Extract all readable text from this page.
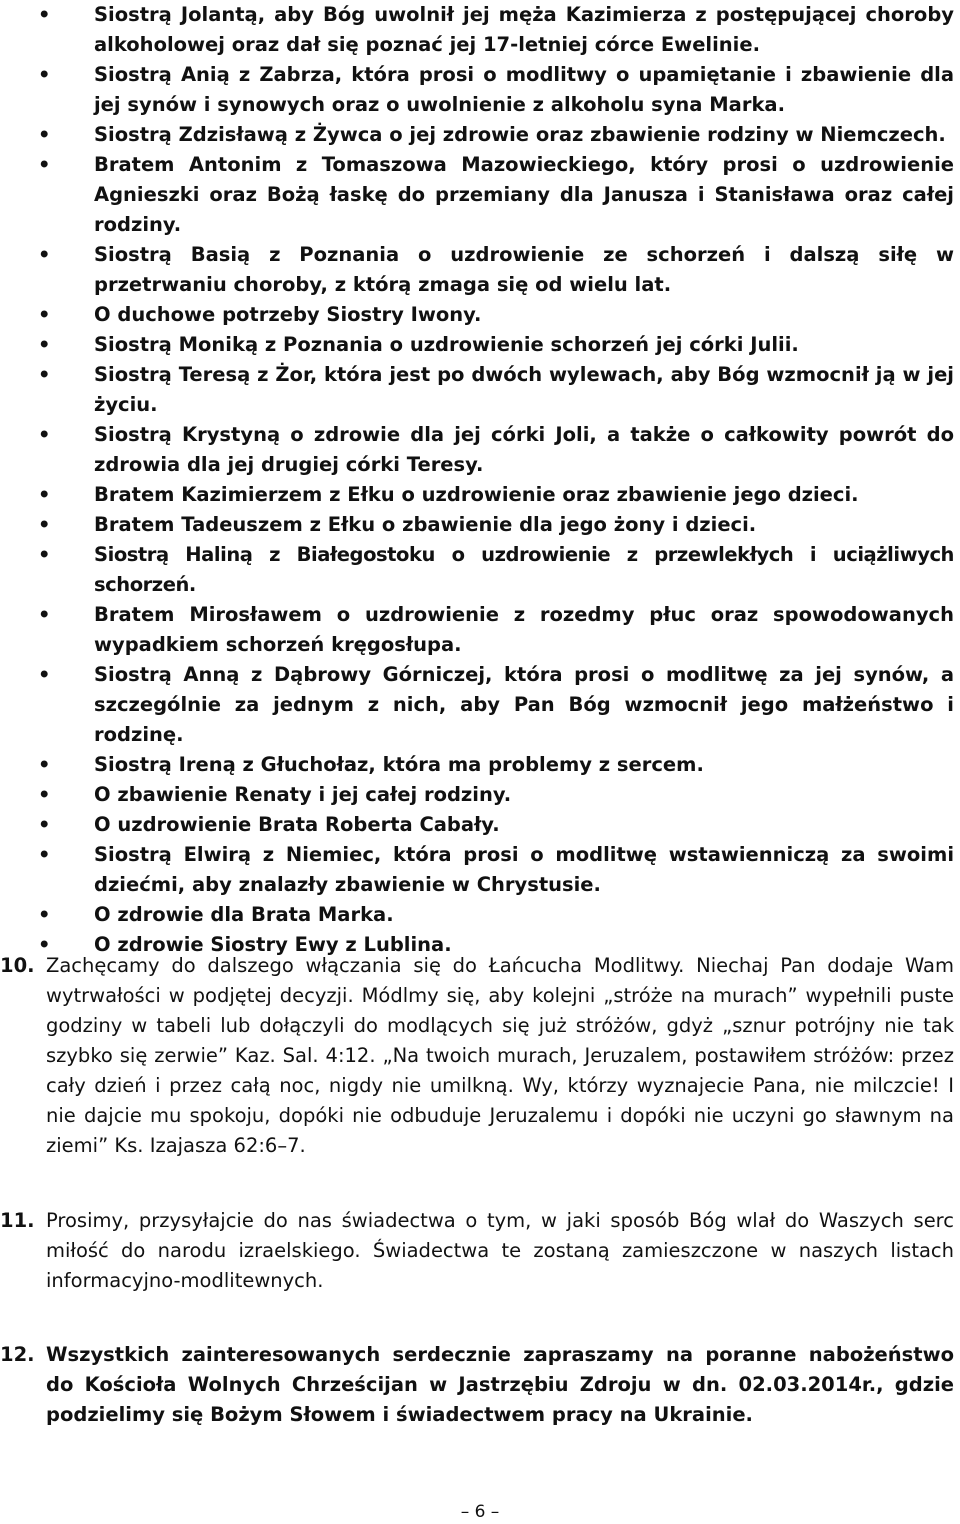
• Siostrą Jolantą, aby Bóg uwolnił jej męża Kazimierza z postępującej choroby alkoholowej oraz dał się poznać jej 17-letniej córce Ewelinie.
• Siostrą Anią z Zabrza, która prosi o modlitwy o upamiętanie i zbawienie dla jej synów i synowych oraz o uwolnienie z alkoholu syna Marka.
• Siostrą Zdzisławą z Żywca o jej zdrowie oraz zbawienie rodziny w Niemczech.
• Bratem Antonim z Tomaszowa Mazowieckiego, który prosi o uzdrowienie Agnieszki oraz Bożą łaskę do przemiany dla Janusza i Stanisława oraz całej rodziny.
• Siostrą Basią z Poznania o uzdrowienie ze schorzeń i dalszą siłę w przetrwaniu choroby, z którą zmaga się od wielu lat.
• O duchowe potrzeby Siostry Iwony.
• Siostrą Moniką z Poznania o uzdrowienie schorzeń jej córki Julii.
• Siostrą Teresą z Żor, która jest po dwóch wylewach, aby Bóg wzmocnił ją w jej życiu.
• Siostrą Krystyną o zdrowie dla jej córki Joli, a także o całkowity powrót do zdrowia dla jej drugiej córki Teresy.
• Bratem Kazimierzem z Ełku o uzdrowienie oraz zbawienie jego dzieci.
• Bratem Tadeuszem z Ełku o zbawienie dla jego żony i dzieci.
• Siostrą Haliną z Białegostoku o uzdrowienie z przewlekłych i uciążliwych schorzeń.
• Bratem Mirosławem o uzdrowienie z rozedmy płuc oraz spowodowanych wypadkiem schorzeń kręgosłupa.
• Siostrą Anną z Dąbrowy Górniczej, która prosi o modlitwę za jej synów, a szczególnie za jednym z nich, aby Pan Bóg wzmocnił jego małżeństwo i rodzinę.
• Siostrą Ireną z Głuchołaz, która ma problemy z sercem.
• O zbawienie Renaty i jej całej rodziny.
• O uzdrowienie Brata Roberta Cabały.
• Siostrą Elwirą z Niemiec, która prosi o modlitwę wstawienniczą za swoimi dziećmi, aby znalazły zbawienie w Chrystusie.
• O zdrowie dla Brata Marka.
• O zdrowie Siostry Ewy z Lublina.
10. Zachęcamy do dalszego włączania się do Łańcucha Modlitwy. Niechaj Pan dodaje Wam wytrwałości w podjętej decyzji. Módlmy się, aby kolejni „stróże na murach” wypełnili puste godziny w tabeli lub dołączyli do modlących się już stróżów, gdyż „sznur potrójny nie tak szybko się zerwie” Kaz. Sal. 4:12. „Na twoich murach, Jeruzalem, postawiłem stróżów: przez cały dzień i przez całą noc, nigdy nie umilkną. Wy, którzy wyznajecie Pana, nie milczcie! I nie dajcie mu spokoju, dopóki nie odbuduje Jeruzalemu i dopóki nie uczyni go sławnym na ziemi” Ks. Izajasza 62:6–7.
11. Prosimy, przysyłajcie do nas świadectwa o tym, w jaki sposób Bóg wlał do Waszych serc miłość do narodu izraelskiego. Świadectwa te zostaną zamieszczone w naszych listach informacyjno-modlitewnych.
12. Wszystkich zainteresowanych serdecznie zapraszamy na poranne nabożeństwo do Kościoła Wolnych Chrześcijan w Jastrzębiu Zdroju w dn. 02.03.2014r., gdzie podzielimy się Bożym Słowem i świadectwem pracy na Ukrainie.
– 6 –
